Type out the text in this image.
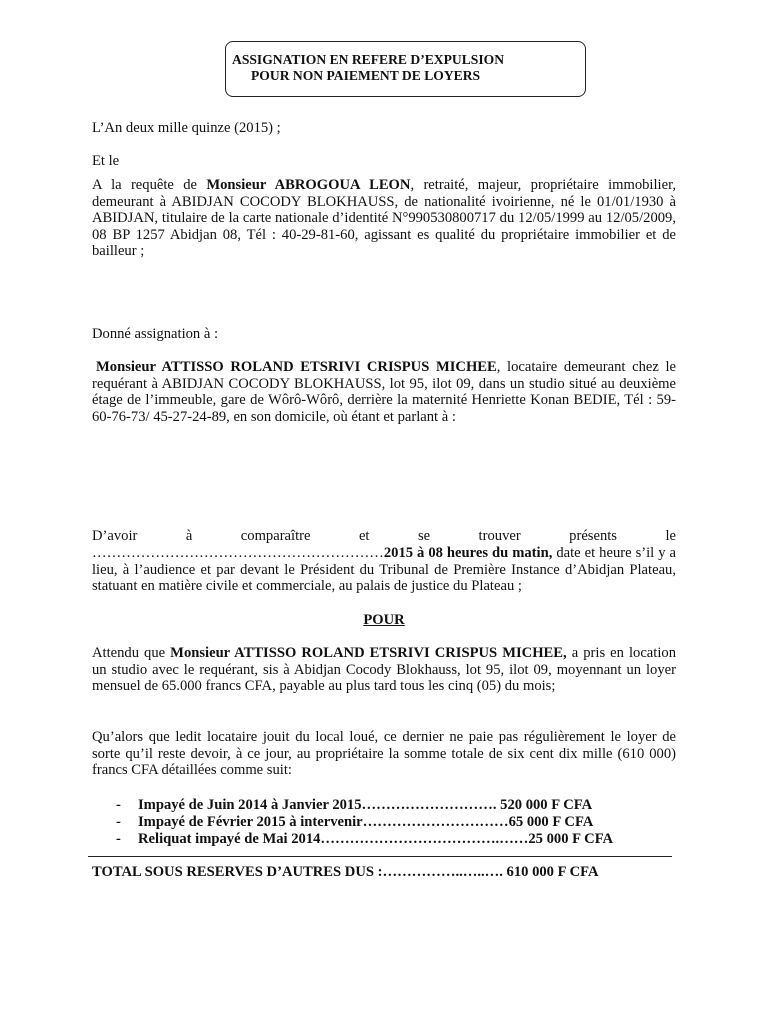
ASSIGNATION EN REFERE D’EXPULSION
POUR NON PAIEMENT DE LOYERS
L’An deux mille quinze (2015) ;
Et le
A la requête de Monsieur ABROGOUA LEON, retraité, majeur, propriétaire immobilier, demeurant à ABIDJAN COCODY BLOKHAUSS, de nationalité ivoirienne, né le 01/01/1930 à ABIDJAN, titulaire de la carte nationale d’identité N°990530800717 du 12/05/1999 au 12/05/2009, 08 BP 1257 Abidjan 08, Tél : 40-29-81-60, agissant es qualité du propriétaire immobilier et de bailleur ;
Donné assignation à :
Monsieur ATTISSO ROLAND ETSRIVI CRISPUS MICHEE, locataire demeurant chez le requérant à ABIDJAN COCODY BLOKHAUSS, lot 95, ilot 09, dans un studio situé au deuxième étage de l’immeuble, gare de Wôrô-Wôrô, derrière la maternité Henriette Konan BEDIE, Tél : 59-60-76-73/ 45-27-24-89, en son domicile, où étant et parlant à :
D’avoir à comparaître et se trouver présents le
……………………………………………………2015 à 08 heures du matin, date et heure s’il y a lieu, à l’audience et par devant le Président du Tribunal de Première Instance d’Abidjan Plateau, statuant en matière civile et commerciale, au palais de justice du Plateau ;
POUR
Attendu que Monsieur ATTISSO ROLAND ETSRIVI CRISPUS MICHEE, a pris en location un studio avec le requérant, sis à Abidjan Cocody Blokhauss, lot 95, ilot 09, moyennant un loyer mensuel de 65.000 francs CFA, payable au plus tard tous les cinq (05) du mois;
Qu’alors que ledit locataire jouit du local loué, ce dernier ne paie pas régulièrement le loyer de sorte qu’il reste devoir, à ce jour, au propriétaire la somme totale de six cent dix mille (610 000) francs CFA détaillées comme suit:
- Impayé de Juin 2014 à Janvier 2015………………………. 520 000 F CFA
- Impayé de Février 2015 à intervenir…………………………65 000 F CFA
- Reliquat impayé de Mai 2014……………………………….……25 000 F CFA
TOTAL SOUS RESERVES D’AUTRES DUS :……………..…..…. 610 000 F CFA
